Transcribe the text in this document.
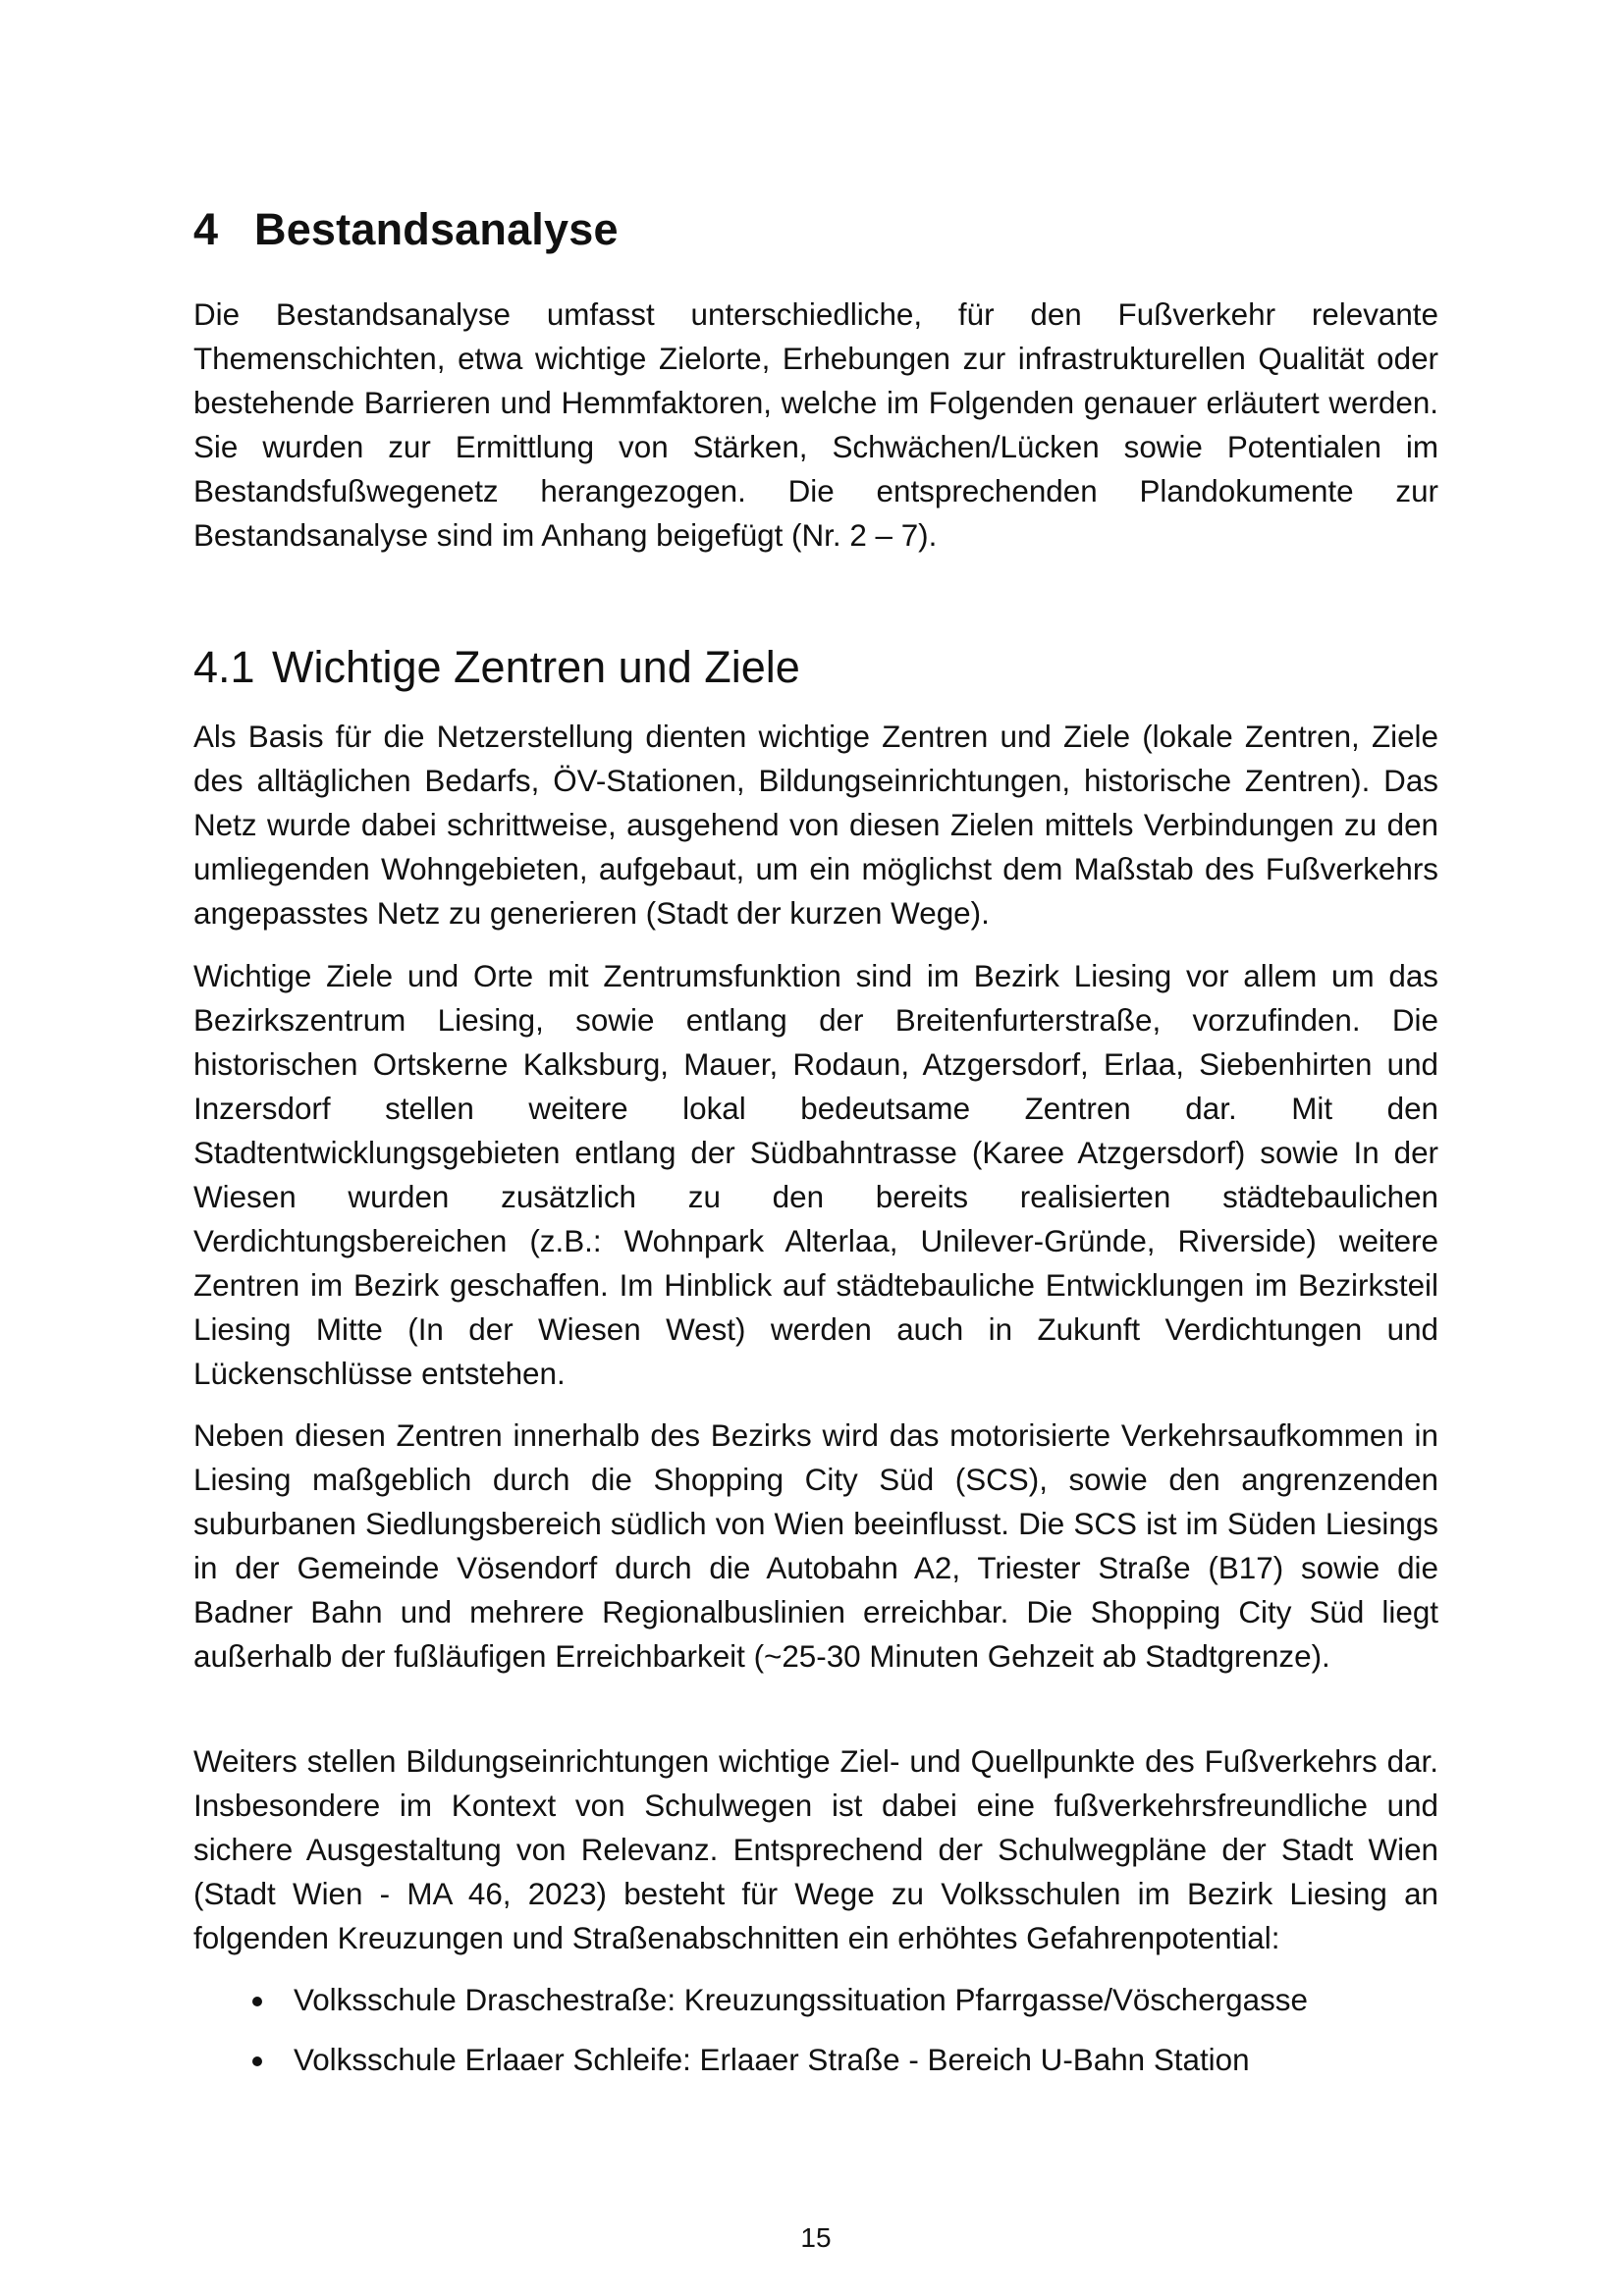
4 Bestandsanalyse

Die Bestandsanalyse umfasst unterschiedliche, für den Fußverkehr relevante Themenschichten, etwa wichtige Zielorte, Erhebungen zur infrastrukturellen Qualität oder bestehende Barrieren und Hemmfaktoren, welche im Folgenden genauer erläutert werden. Sie wurden zur Ermittlung von Stärken, Schwächen/Lücken sowie Potentialen im Bestandsfußwegenetz herangezogen. Die entsprechenden Plandokumente zur Bestandsanalyse sind im Anhang beigefügt (Nr. 2 – 7).

4.1 Wichtige Zentren und Ziele

Als Basis für die Netzerstellung dienten wichtige Zentren und Ziele (lokale Zentren, Ziele des alltäglichen Bedarfs, ÖV-Stationen, Bildungseinrichtungen, historische Zentren). Das Netz wurde dabei schrittweise, ausgehend von diesen Zielen mittels Verbindungen zu den umliegenden Wohngebieten, aufgebaut, um ein möglichst dem Maßstab des Fußverkehrs angepasstes Netz zu generieren (Stadt der kurzen Wege).

Wichtige Ziele und Orte mit Zentrumsfunktion sind im Bezirk Liesing vor allem um das Bezirkszentrum Liesing, sowie entlang der Breitenfurterstraße, vorzufinden. Die historischen Ortskerne Kalksburg, Mauer, Rodaun, Atzgersdorf, Erlaa, Siebenhirten und Inzersdorf stellen weitere lokal bedeutsame Zentren dar. Mit den Stadtentwicklungsgebieten entlang der Südbahntrasse (Karee Atzgersdorf) sowie In der Wiesen wurden zusätzlich zu den bereits realisierten städtebaulichen Verdichtungsbereichen (z.B.: Wohnpark Alterlaa, Unilever-Gründe, Riverside) weitere Zentren im Bezirk geschaffen. Im Hinblick auf städtebauliche Entwicklungen im Bezirksteil Liesing Mitte (In der Wiesen West) werden auch in Zukunft Verdichtungen und Lückenschlüsse entstehen.

Neben diesen Zentren innerhalb des Bezirks wird das motorisierte Verkehrsaufkommen in Liesing maßgeblich durch die Shopping City Süd (SCS), sowie den angrenzenden suburbanen Siedlungsbereich südlich von Wien beeinflusst. Die SCS ist im Süden Liesings in der Gemeinde Vösendorf durch die Autobahn A2, Triester Straße (B17) sowie die Badner Bahn und mehrere Regionalbuslinien erreichbar. Die Shopping City Süd liegt außerhalb der fußläufigen Erreichbarkeit (~25-30 Minuten Gehzeit ab Stadtgrenze).

Weiters stellen Bildungseinrichtungen wichtige Ziel- und Quellpunkte des Fußverkehrs dar. Insbesondere im Kontext von Schulwegen ist dabei eine fußverkehrsfreundliche und sichere Ausgestaltung von Relevanz. Entsprechend der Schulwegpläne der Stadt Wien (Stadt Wien - MA 46, 2023) besteht für Wege zu Volksschulen im Bezirk Liesing an folgenden Kreuzungen und Straßenabschnitten ein erhöhtes Gefahrenpotential:

Volksschule Draschestraße: Kreuzungssituation Pfarrgasse/Vöschergasse
Volksschule Erlaaer Schleife: Erlaaer Straße - Bereich U-Bahn Station
15
